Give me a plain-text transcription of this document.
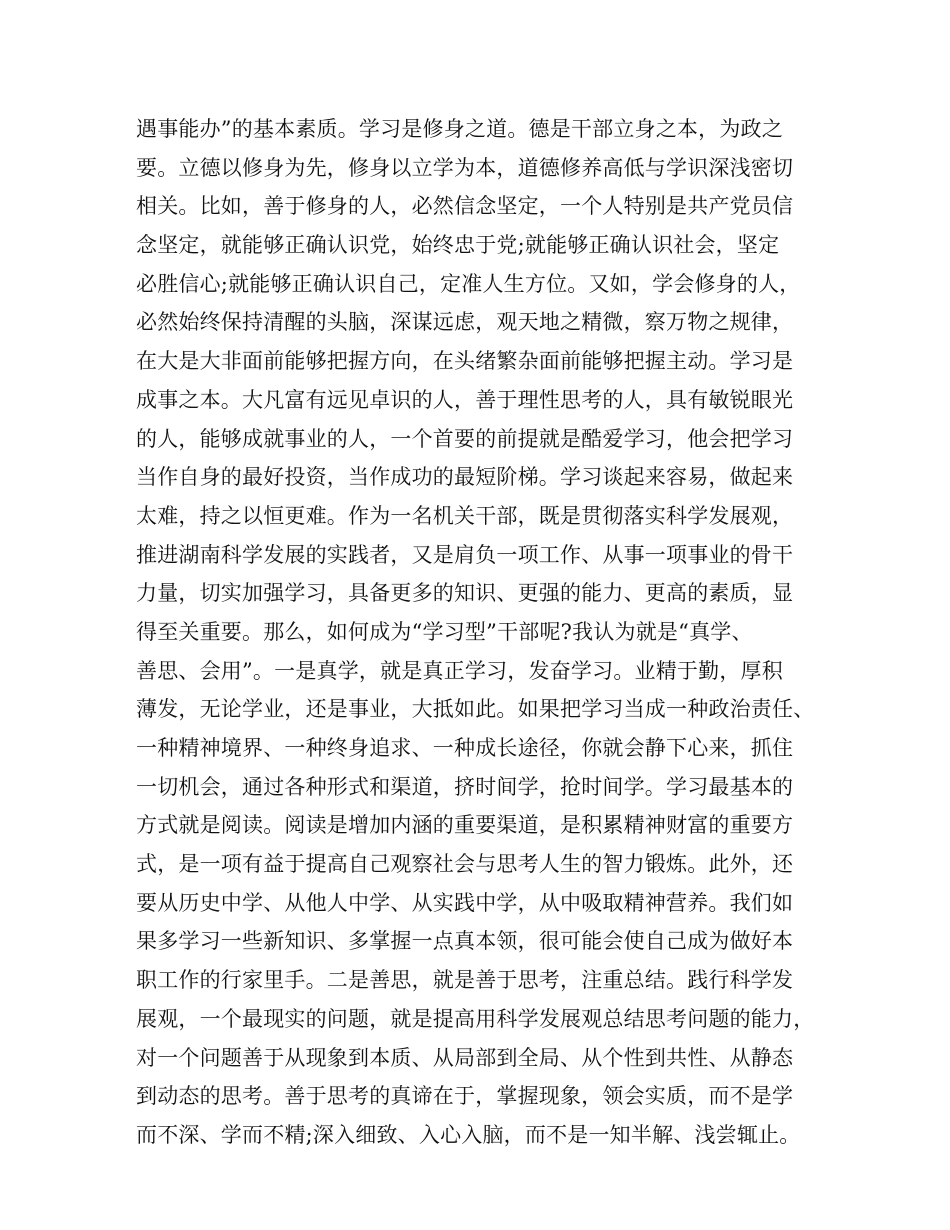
遇事能办”的基本素质。学习是修身之道。德是干部立身之本，为政之
要。立德以修身为先，修身以立学为本，道德修养高低与学识深浅密切
相关。比如，善于修身的人，必然信念坚定，一个人特别是共产党员信
念坚定，就能够正确认识党，始终忠于党;就能够正确认识社会，坚定
必胜信心;就能够正确认识自己，定准人生方位。又如，学会修身的人，
必然始终保持清醒的头脑，深谋远虑，观天地之精微，察万物之规律，
在大是大非面前能够把握方向，在头绪繁杂面前能够把握主动。学习是
成事之本。大凡富有远见卓识的人，善于理性思考的人，具有敏锐眼光
的人，能够成就事业的人，一个首要的前提就是酷爱学习，他会把学习
当作自身的最好投资，当作成功的最短阶梯。学习谈起来容易，做起来
太难，持之以恒更难。作为一名机关干部，既是贯彻落实科学发展观，
推进湖南科学发展的实践者，又是肩负一项工作、从事一项事业的骨干
力量，切实加强学习，具备更多的知识、更强的能力、更高的素质，显
得至关重要。那么，如何成为“学习型”干部呢?我认为就是“真学、
善思、会用”。一是真学，就是真正学习，发奋学习。业精于勤，厚积
薄发，无论学业，还是事业，大抵如此。如果把学习当成一种政治责任、
一种精神境界、一种终身追求、一种成长途径，你就会静下心来，抓住
一切机会，通过各种形式和渠道，挤时间学，抢时间学。学习最基本的
方式就是阅读。阅读是增加内涵的重要渠道，是积累精神财富的重要方
式，是一项有益于提高自己观察社会与思考人生的智力锻炼。此外，还
要从历史中学、从他人中学、从实践中学，从中吸取精神营养。我们如
果多学习一些新知识、多掌握一点真本领，很可能会使自己成为做好本
职工作的行家里手。二是善思，就是善于思考，注重总结。践行科学发
展观，一个最现实的问题，就是提高用科学发展观总结思考问题的能力，
对一个问题善于从现象到本质、从局部到全局、从个性到共性、从静态
到动态的思考。善于思考的真谛在于，掌握现象，领会实质，而不是学
而不深、学而不精;深入细致、入心入脑，而不是一知半解、浅尝辄止。
